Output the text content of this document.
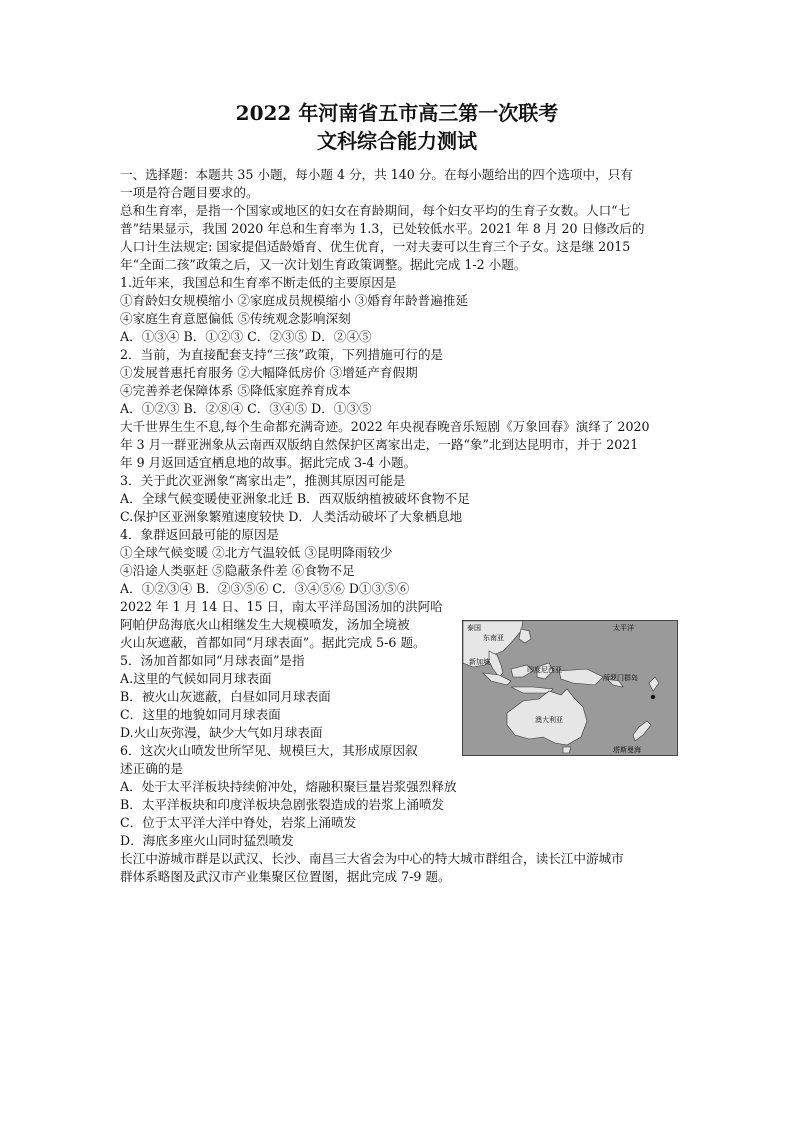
2022 年河南省五市高三第一次联考
文科综合能力测试
一、选择题：本题共 35 小题，每小题 4 分，共 140 分。在每小题给出的四个选项中，只有
一项是符合题目要求的。
总和生育率，是指一个国家或地区的妇女在育龄期间，每个妇女平均的生育子女数。人口“七
普”结果显示，我国 2020 年总和生育率为 1.3，已处较低水平。2021 年 8 月 20 日修改后的
人口计生法规定: 国家提倡适龄婚育、优生优育，一对夫妻可以生育三个子女。这是继 2015
年“全面二孩”政策之后，又一次计划生育政策调整。据此完成 1-2 小题。
1.近年来，我国总和生育率不断走低的主要原因是
①育龄妇女规模缩小 ②家庭成员规模缩小 ③婚育年龄普遍推延
④家庭生育意愿偏低 ⑤传统观念影响深刻
A．①③④ B．①②③ C．②③⑤ D．②④⑤
2．当前，为直接配套支持“三孩”政策，下列措施可行的是
①发展普惠托育服务 ②大幅降低房价 ③增延产育假期
④完善养老保障体系 ⑤降低家庭养育成本
A．①②③ B．②⑧④ C．③④⑤ D．①③⑤
大千世界生生不息,每个生命都充满奇迹。2022 年央视春晚音乐短剧《万象回春》演绎了 2020
年 3 月一群亚洲象从云南西双版纳自然保护区离家出走，一路“象”北到达昆明市，并于 2021
年 9 月返回适宜栖息地的故事。据此完成 3-4 小题。
3．关于此次亚洲象“离家出走”，推测其原因可能是
A．全球气候变暖使亚洲象北迁 B．西双版纳植被破坏食物不足
C.保护区亚洲象繁殖速度较快 D．人类活动破坏了大象栖息地
4．象群返回最可能的原因是
①全球气候变暖 ②北方气温较低 ③昆明降雨较少
④沿途人类驱赶 ⑤隐蔽条件差 ⑥食物不足
A．①②③④ B．②③⑤⑥ C．③④⑤⑥ D①③⑤⑥
2022 年 1 月 14 日、15 日，南太平洋岛国汤加的洪阿哈
阿帕伊岛海底火山相继发生大规模喷发，汤加全境被
火山灰遮蔽，首都如同“月球表面”。据此完成 5-6 题。
5．汤加首都如同“月球表面”是指
A.这里的气候如同月球表面
B．被火山灰遮蔽，白昼如同月球表面
C．这里的地貌如同月球表面
D.火山灰弥漫，缺少大气如月球表面
6．这次火山喷发世所罕见、规模巨大，其形成原因叙
述正确的是
A．处于太平洋板块持续俯冲处，熔融积聚巨量岩浆强烈释放
B．太平洋板块和印度洋板块急剧张裂造成的岩浆上涌喷发
C．位于太平洋大洋中脊处，岩浆上涌喷发
D．海底多座火山同时猛烈喷发
长江中游城市群是以武汉、长沙、南昌三大省会为中心的特大城市群组合，读长江中游城市
群体系略图及武汉市产业集聚区位置图，据此完成 7-9 题。
泰国	太平洋
东南亚
新加坡
印度尼西亚
所罗门群岛
澳大利亚
塔斯曼海
